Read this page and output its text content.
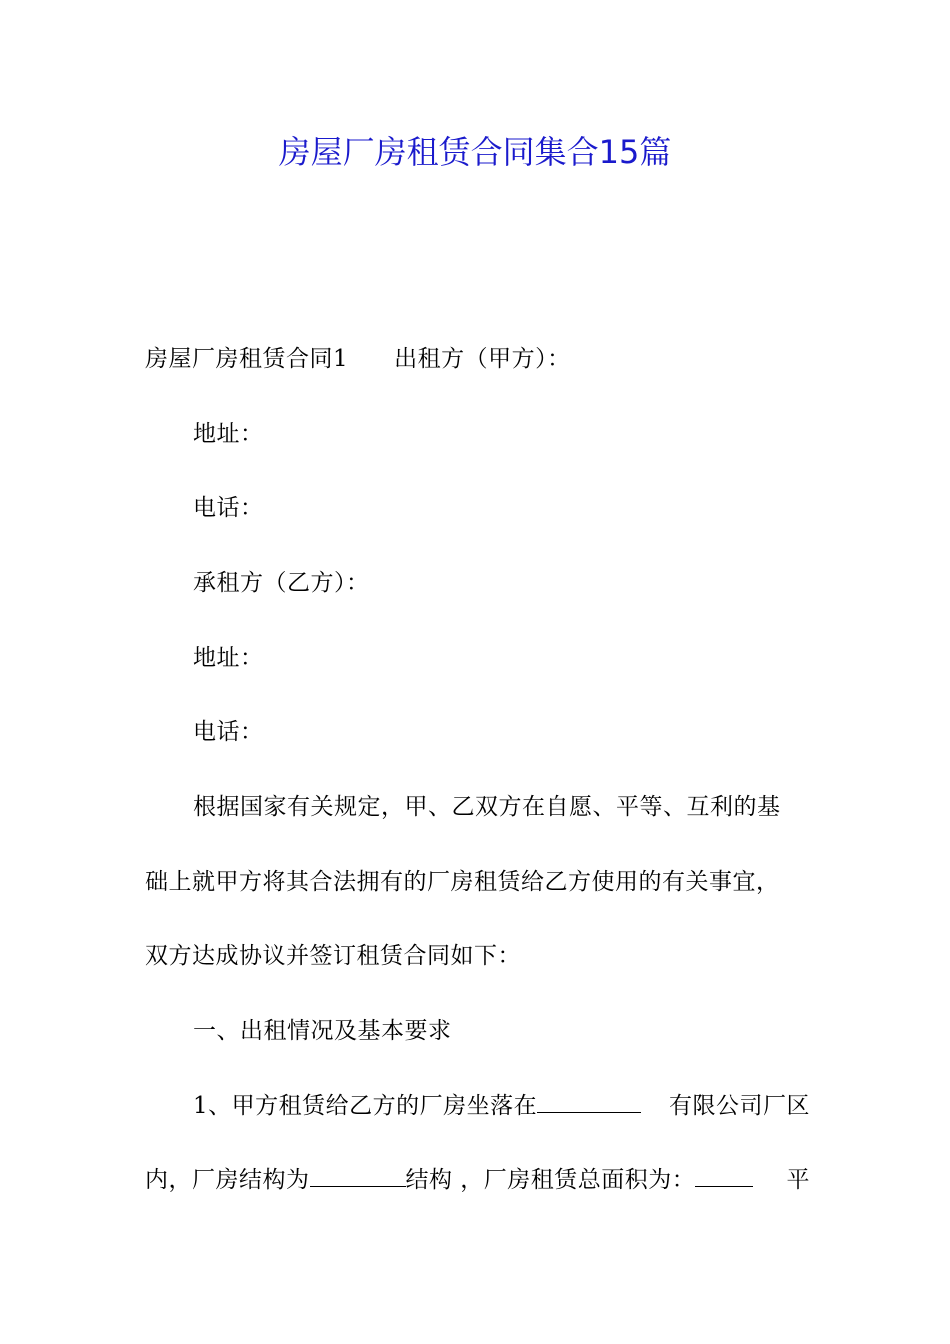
房屋厂房租赁合同集合15篇
房屋厂房租赁合同1 出租方（甲方）：
地址：
电话：
承租方（乙方）：
地址：
电话：
根据国家有关规定，甲、乙双方在自愿、平等、互利的基
础上就甲方将其合法拥有的厂房租赁给乙方使用的有关事宜，
双方达成协议并签订租赁合同如下：
一、出租情况及基本要求
1、甲方租赁给乙方的厂房坐落在	有限公司厂区
内，厂房结构为	结构 ，厂房租赁总面积为：	平
